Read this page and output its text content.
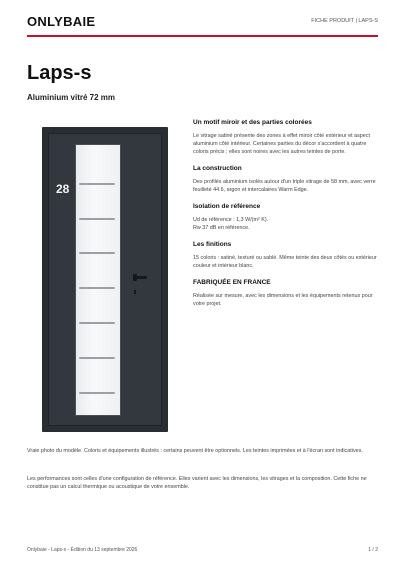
ONLYBAIE	FICHE PRODUIT | LAPS-S
Laps-s
Aluminium vitré 72 mm
28
Un motif miroir et des parties colorées
Le vitrage satiné présente des zones à effet miroir côté extérieur et aspect aluminium côté intérieur. Certaines parties du décor s'accordent à quatre coloris précis ; elles sont noires avec les autres teintes de porte.
La construction
Des profilés aluminium isolés autour d'un triple vitrage de 58 mm, avec verre feuilleté 44.6, argon et intercalaires Warm Edge.
Isolation de référence
Ud de référence : 1,3 W/(m² K).
Rw 37 dB en référence.
Les finitions
15 coloris : satiné, texturé ou sablé. Même teinte des deux côtés ou extérieur couleur et intérieur blanc.
FABRIQUÉE EN FRANCE
Réalisée sur mesure, avec les dimensions et les équipements retenus pour votre projet.

Vraie photo du modèle. Coloris et équipements illustrés : certains peuvent être optionnels. Les teintes imprimées et à l'écran sont indicatives.

Les performances sont celles d'une configuration de référence. Elles varient avec les dimensions, les vitrages et la composition. Cette fiche ne constitue pas un calcul thermique ou acoustique de votre ensemble.

Onlybaie - Laps-s - Édition du 13 septembre 2026	1 / 2
